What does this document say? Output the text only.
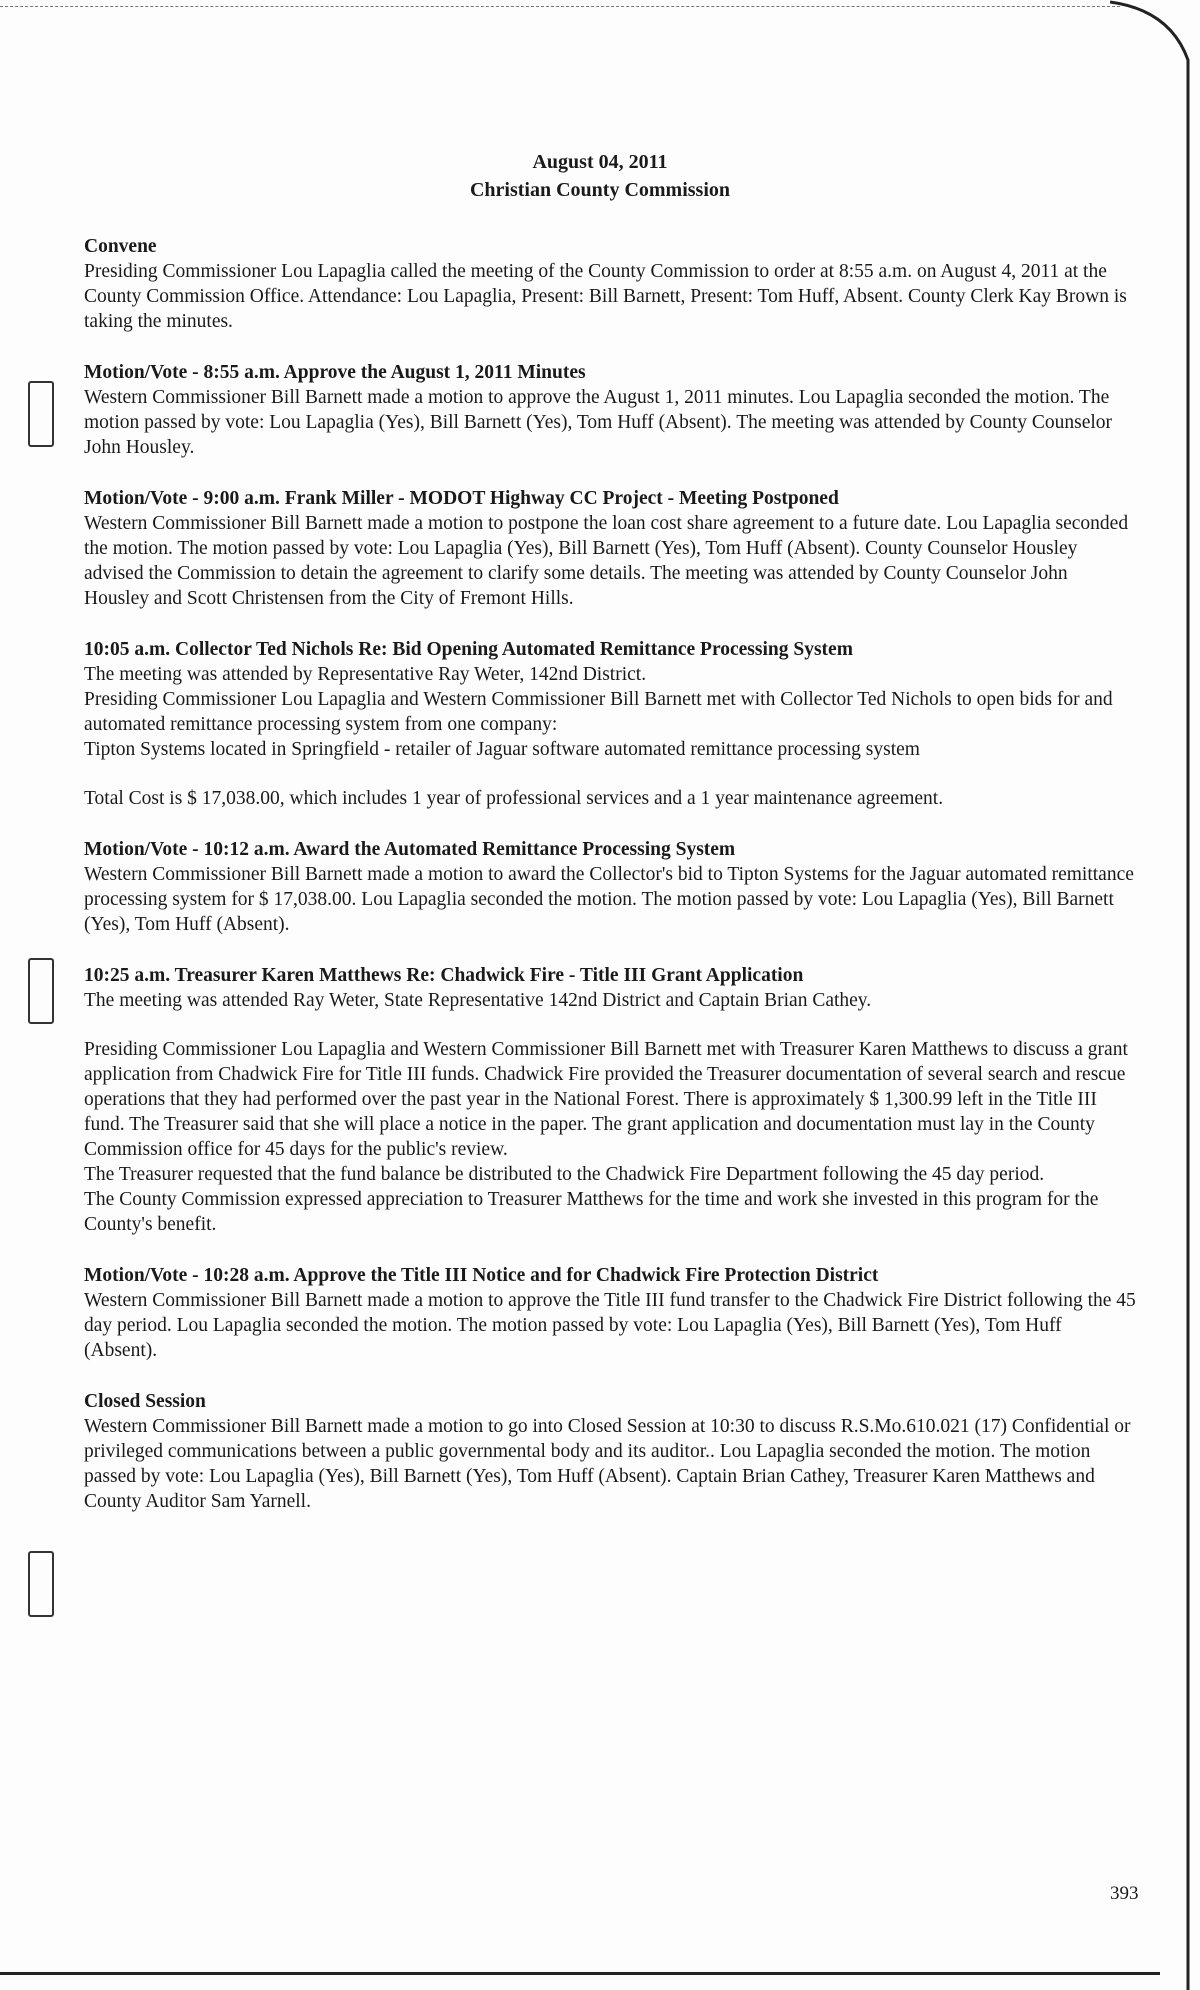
August 04, 2011
Christian County Commission
Convene

Presiding Commissioner Lou Lapaglia called the meeting of the County Commission to order at 8:55 a.m. on August 4, 2011 at the County Commission Office. Attendance: Lou Lapaglia, Present: Bill Barnett, Present: Tom Huff, Absent. County Clerk Kay Brown is taking the minutes.

Motion/Vote - 8:55 a.m. Approve the August 1, 2011 Minutes

Western Commissioner Bill Barnett made a motion to approve the August 1, 2011 minutes. Lou Lapaglia seconded the motion. The motion passed by vote: Lou Lapaglia (Yes), Bill Barnett (Yes), Tom Huff (Absent). The meeting was attended by County Counselor John Housley.

Motion/Vote - 9:00 a.m. Frank Miller - MODOT Highway CC Project - Meeting Postponed

Western Commissioner Bill Barnett made a motion to postpone the loan cost share agreement to a future date. Lou Lapaglia seconded the motion. The motion passed by vote: Lou Lapaglia (Yes), Bill Barnett (Yes), Tom Huff (Absent). County Counselor Housley advised the Commission to detain the agreement to clarify some details. The meeting was attended by County Counselor John Housley and Scott Christensen from the City of Fremont Hills.

10:05 a.m. Collector Ted Nichols Re: Bid Opening Automated Remittance Processing System

The meeting was attended by Representative Ray Weter, 142nd District.

Presiding Commissioner Lou Lapaglia and Western Commissioner Bill Barnett met with Collector Ted Nichols to open bids for and automated remittance processing system from one company:

Tipton Systems located in Springfield - retailer of Jaguar software automated remittance processing system

Total Cost is $ 17,038.00, which includes 1 year of professional services and a 1 year maintenance agreement.

Motion/Vote - 10:12 a.m. Award the Automated Remittance Processing System

Western Commissioner Bill Barnett made a motion to award the Collector's bid to Tipton Systems for the Jaguar automated remittance processing system for $ 17,038.00. Lou Lapaglia seconded the motion. The motion passed by vote: Lou Lapaglia (Yes), Bill Barnett (Yes), Tom Huff (Absent).

10:25 a.m. Treasurer Karen Matthews Re: Chadwick Fire - Title III Grant Application

The meeting was attended Ray Weter, State Representative 142nd District and Captain Brian Cathey.

Presiding Commissioner Lou Lapaglia and Western Commissioner Bill Barnett met with Treasurer Karen Matthews to discuss a grant application from Chadwick Fire for Title III funds. Chadwick Fire provided the Treasurer documentation of several search and rescue operations that they had performed over the past year in the National Forest. There is approximately $ 1,300.99 left in the Title III fund. The Treasurer said that she will place a notice in the paper. The grant application and documentation must lay in the County Commission office for 45 days for the public's review.

The Treasurer requested that the fund balance be distributed to the Chadwick Fire Department following the 45 day period.

The County Commission expressed appreciation to Treasurer Matthews for the time and work she invested in this program for the County's benefit.

Motion/Vote - 10:28 a.m. Approve the Title III Notice and for Chadwick Fire Protection District

Western Commissioner Bill Barnett made a motion to approve the Title III fund transfer to the Chadwick Fire District following the 45 day period. Lou Lapaglia seconded the motion. The motion passed by vote: Lou Lapaglia (Yes), Bill Barnett (Yes), Tom Huff (Absent).

Closed Session

Western Commissioner Bill Barnett made a motion to go into Closed Session at 10:30 to discuss R.S.Mo.610.021 (17) Confidential or privileged communications between a public governmental body and its auditor.. Lou Lapaglia seconded the motion. The motion passed by vote: Lou Lapaglia (Yes), Bill Barnett (Yes), Tom Huff (Absent). Captain Brian Cathey, Treasurer Karen Matthews and County Auditor Sam Yarnell.

393
